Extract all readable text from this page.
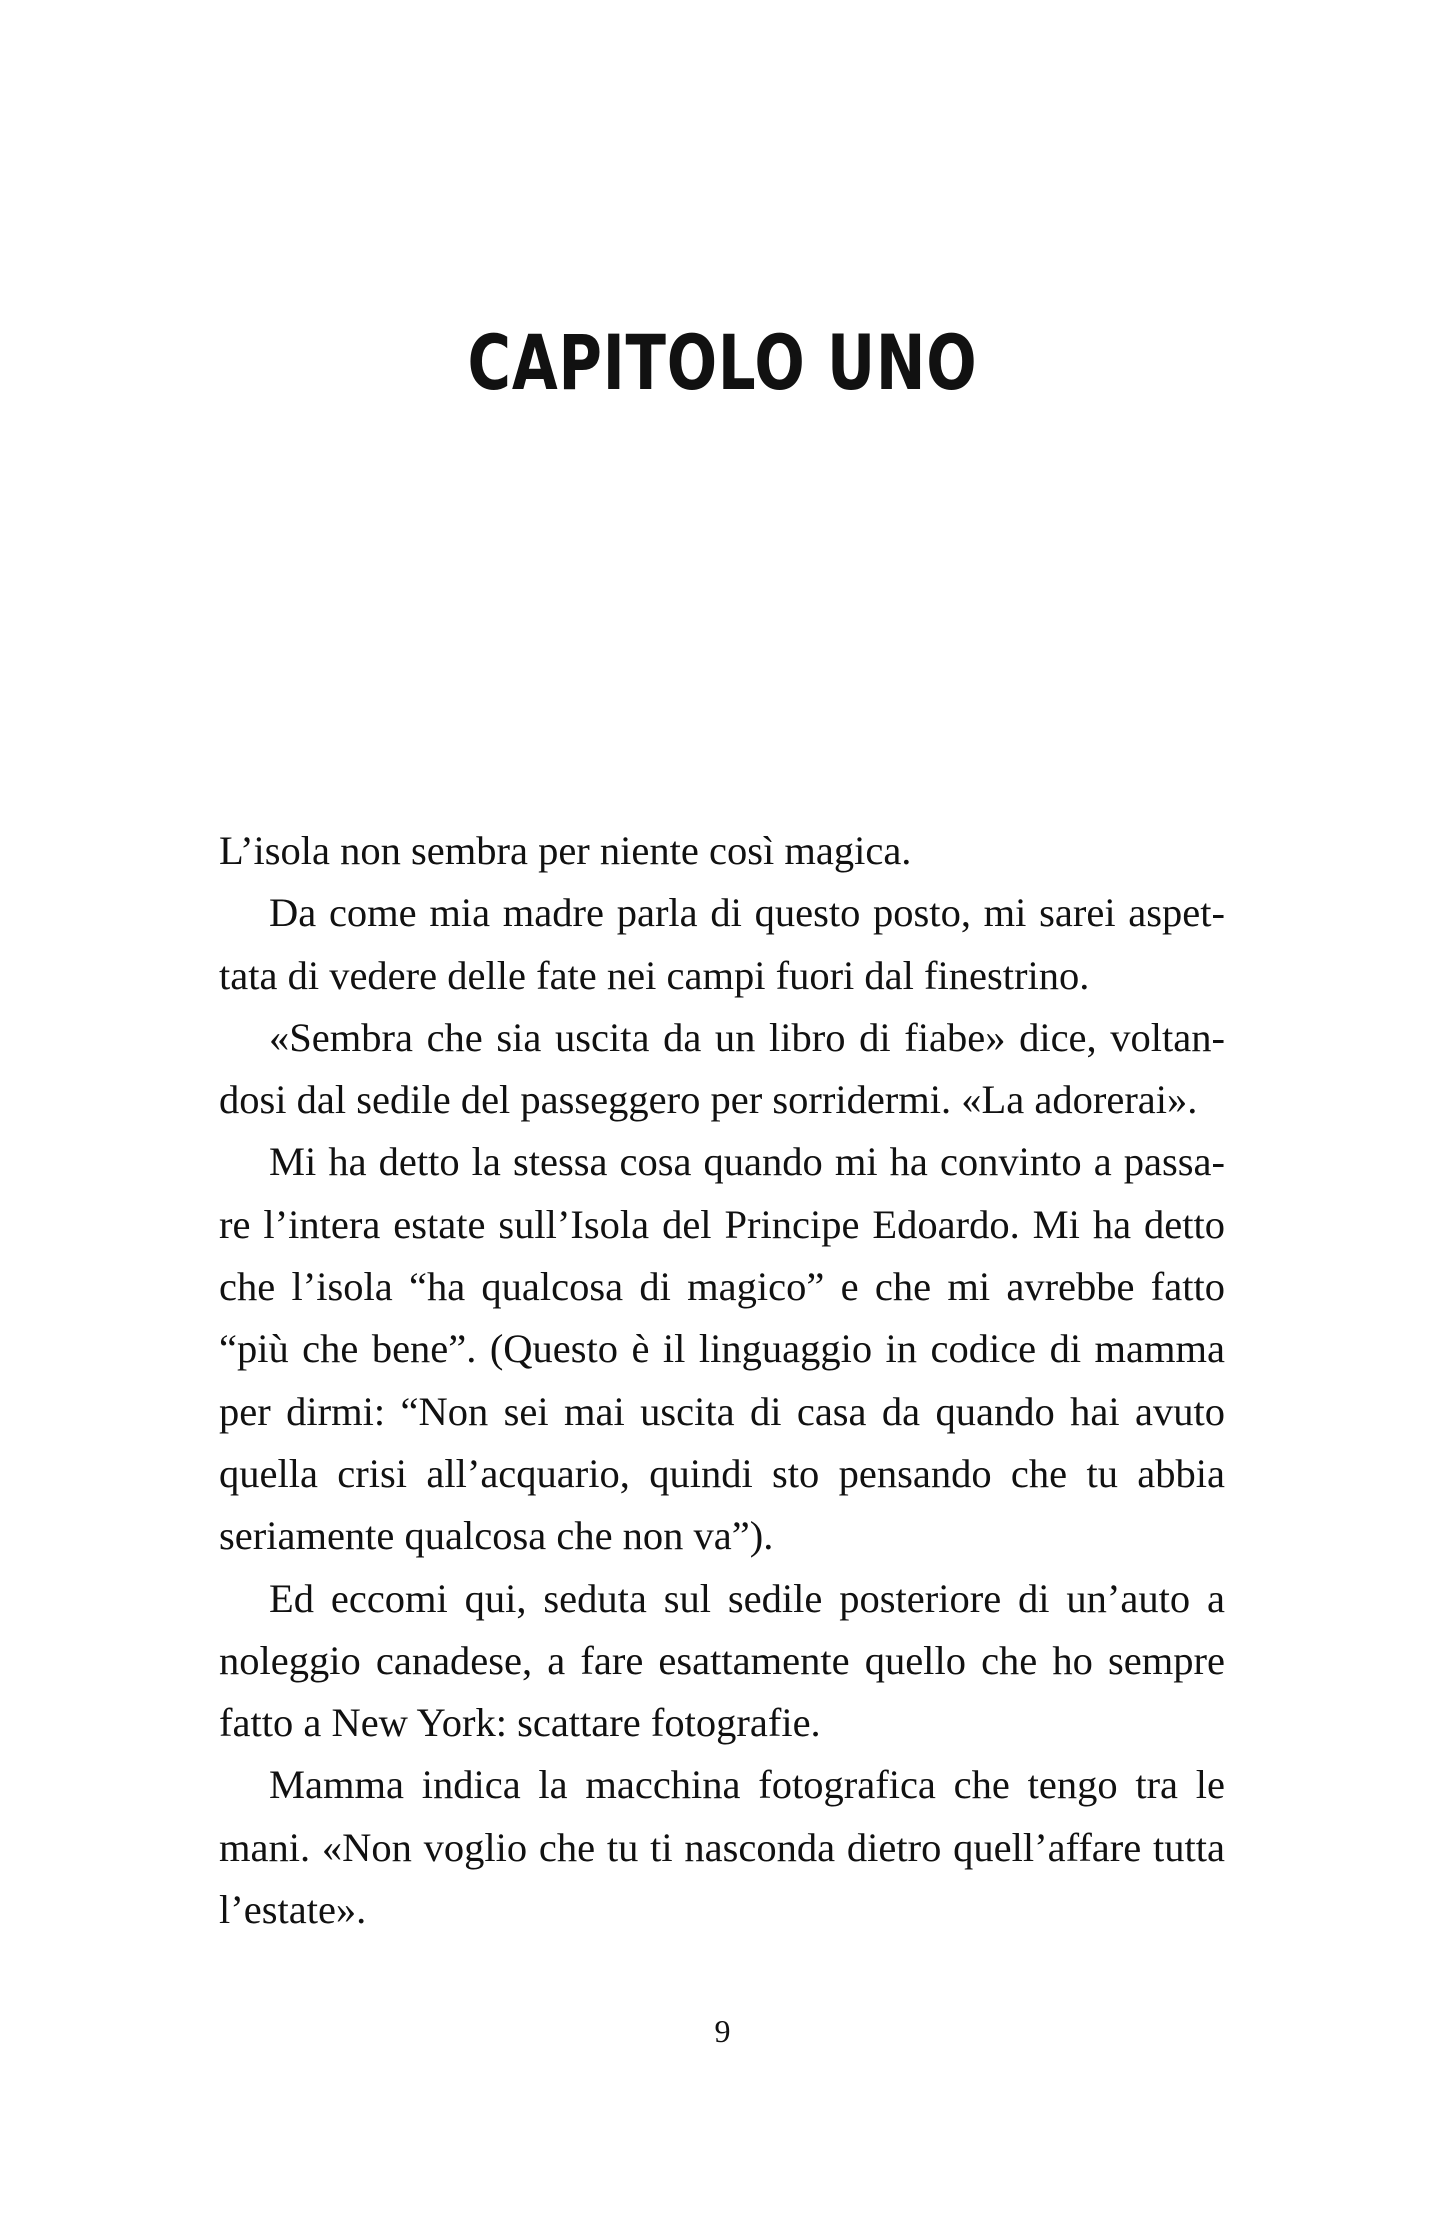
CAPITOLO UNO

L’isola non sembra per niente così magica.

Da come mia madre parla di questo posto, mi sarei aspet-
tata di vedere delle fate nei campi fuori dal finestrino.

«Sembra che sia uscita da un libro di fiabe» dice, voltan-
dosi dal sedile del passeggero per sorridermi. «La adorerai».

Mi ha detto la stessa cosa quando mi ha convinto a passa-
re l’intera estate sull’Isola del Principe Edoardo. Mi ha detto
che l’isola “ha qualcosa di magico” e che mi avrebbe fatto
“più che bene”. (Questo è il linguaggio in codice di mamma
per dirmi: “Non sei mai uscita di casa da quando hai avuto
quella crisi all’acquario, quindi sto pensando che tu abbia
seriamente qualcosa che non va”).

Ed eccomi qui, seduta sul sedile posteriore di un’auto a
noleggio canadese, a fare esattamente quello che ho sempre
fatto a New York: scattare fotografie.

Mamma indica la macchina fotografica che tengo tra le
mani. «Non voglio che tu ti nasconda dietro quell’affare tutta
l’estate».

9
